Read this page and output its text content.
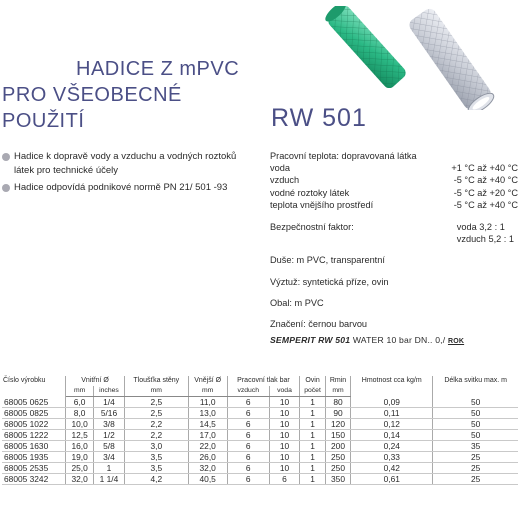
HADICE Z mPVC
PRO VŠEOBECNÉ
POUŽITÍ	RW 501
Hadice k dopravě vody a vzduchu a vodných roztoků látek pro technické účely
Hadice odpovídá podnikové normě PN 21/ 501 -93
Pracovní teplota: dopravovaná látka
voda	+1 °C až +40 °C
vzduch	-5 °C až +40 °C
vodné roztoky látek	-5 °C až +20 °C
teplota vnějšího prostředí	-5 °C až +40 °C
Bezpečnostní faktor:	voda 3,2 : 1
vzduch 5,2 : 1
Duše: m PVC, transparentní
Výztuž: syntetická příze, ovin
Obal: m PVC
Značení: černou barvou
SEMPERIT RW 501 WATER 10 bar DN.. 0,/ ROK
Číslo výrobku	Vnitřní Ø		Tloušťka stěny	Vnější Ø	Pracovní tlak bar		Ovin	Rmin	Hmotnost cca kg/m	Délka svitku max. m
	mm	inches	mm	mm	vzduch	voda	počet	mm		
68005 0625	6,0	1/4	2,5	11,0	6	10	1	80	0,09	50
68005 0825	8,0	5/16	2,5	13,0	6	10	1	90	0,11	50
68005 1022	10,0	3/8	2,2	14,5	6	10	1	120	0,12	50
68005 1222	12,5	1/2	2,2	17,0	6	10	1	150	0,14	50
68005 1630	16,0	5/8	3,0	22,0	6	10	1	200	0,24	35
68005 1935	19,0	3/4	3,5	26,0	6	10	1	250	0,33	25
68005 2535	25,0	1	3,5	32,0	6	10	1	250	0,42	25
68005 3242	32,0	1 1/4	4,2	40,5	6	6	1	350	0,61	25
